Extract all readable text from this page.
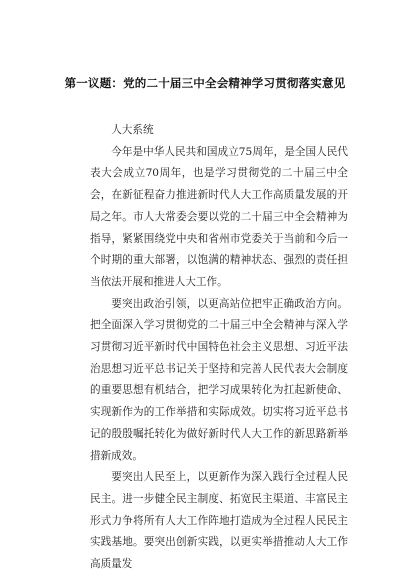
第一议题：党的二十届三中全会精神学习贯彻落实意见

人大系统

今年是中华人民共和国成立75周年，是全国人民代表大会成立70周年，也是学习贯彻党的二十届三中全会，在新征程奋力推进新时代人大工作高质量发展的开局之年。市人大常委会要以党的二十届三中全会精神为指导，紧紧围绕党中央和省州市党委关于当前和今后一个时期的重大部署，以饱满的精神状态、强烈的责任担当依法开展和推进人大工作。

要突出政治引领，以更高站位把牢正确政治方向。把全面深入学习贯彻党的二十届三中全会精神与深入学习贯彻习近平新时代中国特色社会主义思想、习近平法治思想习近平总书记关于坚持和完善人民代表大会制度的重要思想有机结合，把学习成果转化为扛起新使命、实现新作为的工作举措和实际成效。切实将习近平总书记的殷殷嘱托转化为做好新时代人大工作的新思路新举措新成效。

要突出人民至上，以更新作为深入践行全过程人民民主。进一步健全民主制度、拓宽民主渠道、丰富民主形式力争将所有人大工作阵地打造成为全过程人民民主实践基地。要突出创新实践，以更实举措推动人大工作高质量发
